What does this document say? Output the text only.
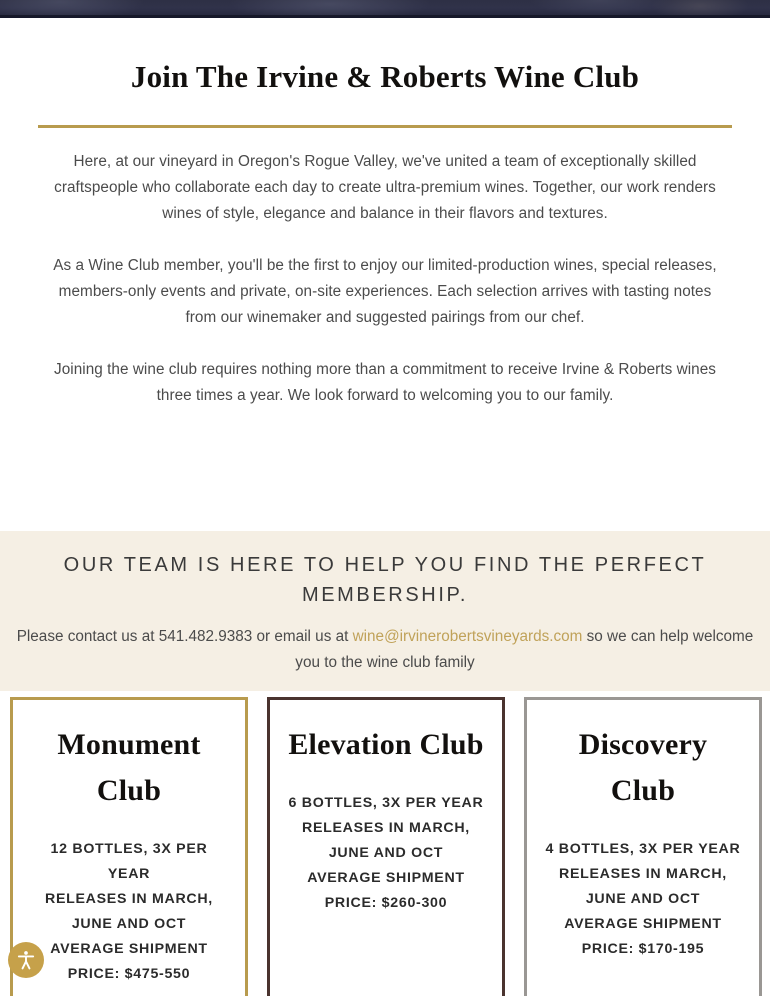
Join The Irvine & Roberts Wine Club

Here, at our vineyard in Oregon's Rogue Valley, we've united a team of exceptionally skilled craftspeople who collaborate each day to create ultra-premium wines. Together, our work renders wines of style, elegance and balance in their flavors and textures.

As a Wine Club member, you'll be the first to enjoy our limited-production wines, special releases, members-only events and private, on-site experiences. Each selection arrives with tasting notes from our winemaker and suggested pairings from our chef.

Joining the wine club requires nothing more than a commitment to receive Irvine & Roberts wines three times a year. We look forward to welcoming you to our family.

OUR TEAM IS HERE TO HELP YOU FIND THE PERFECT MEMBERSHIP.

Please contact us at 541.482.9383 or email us at wine@irvinerobertsvineyards.com so we can help welcome you to the wine club family

Monument Club
12 BOTTLES, 3X PER YEAR
RELEASES IN MARCH, JUNE AND OCT
AVERAGE SHIPMENT PRICE: $475-550
Elevation Club
6 BOTTLES, 3X PER YEAR
RELEASES IN MARCH, JUNE AND OCT
AVERAGE SHIPMENT PRICE: $260-300
Discovery Club
4 BOTTLES, 3X PER YEAR
RELEASES IN MARCH, JUNE AND OCT
AVERAGE SHIPMENT PRICE: $170-195
